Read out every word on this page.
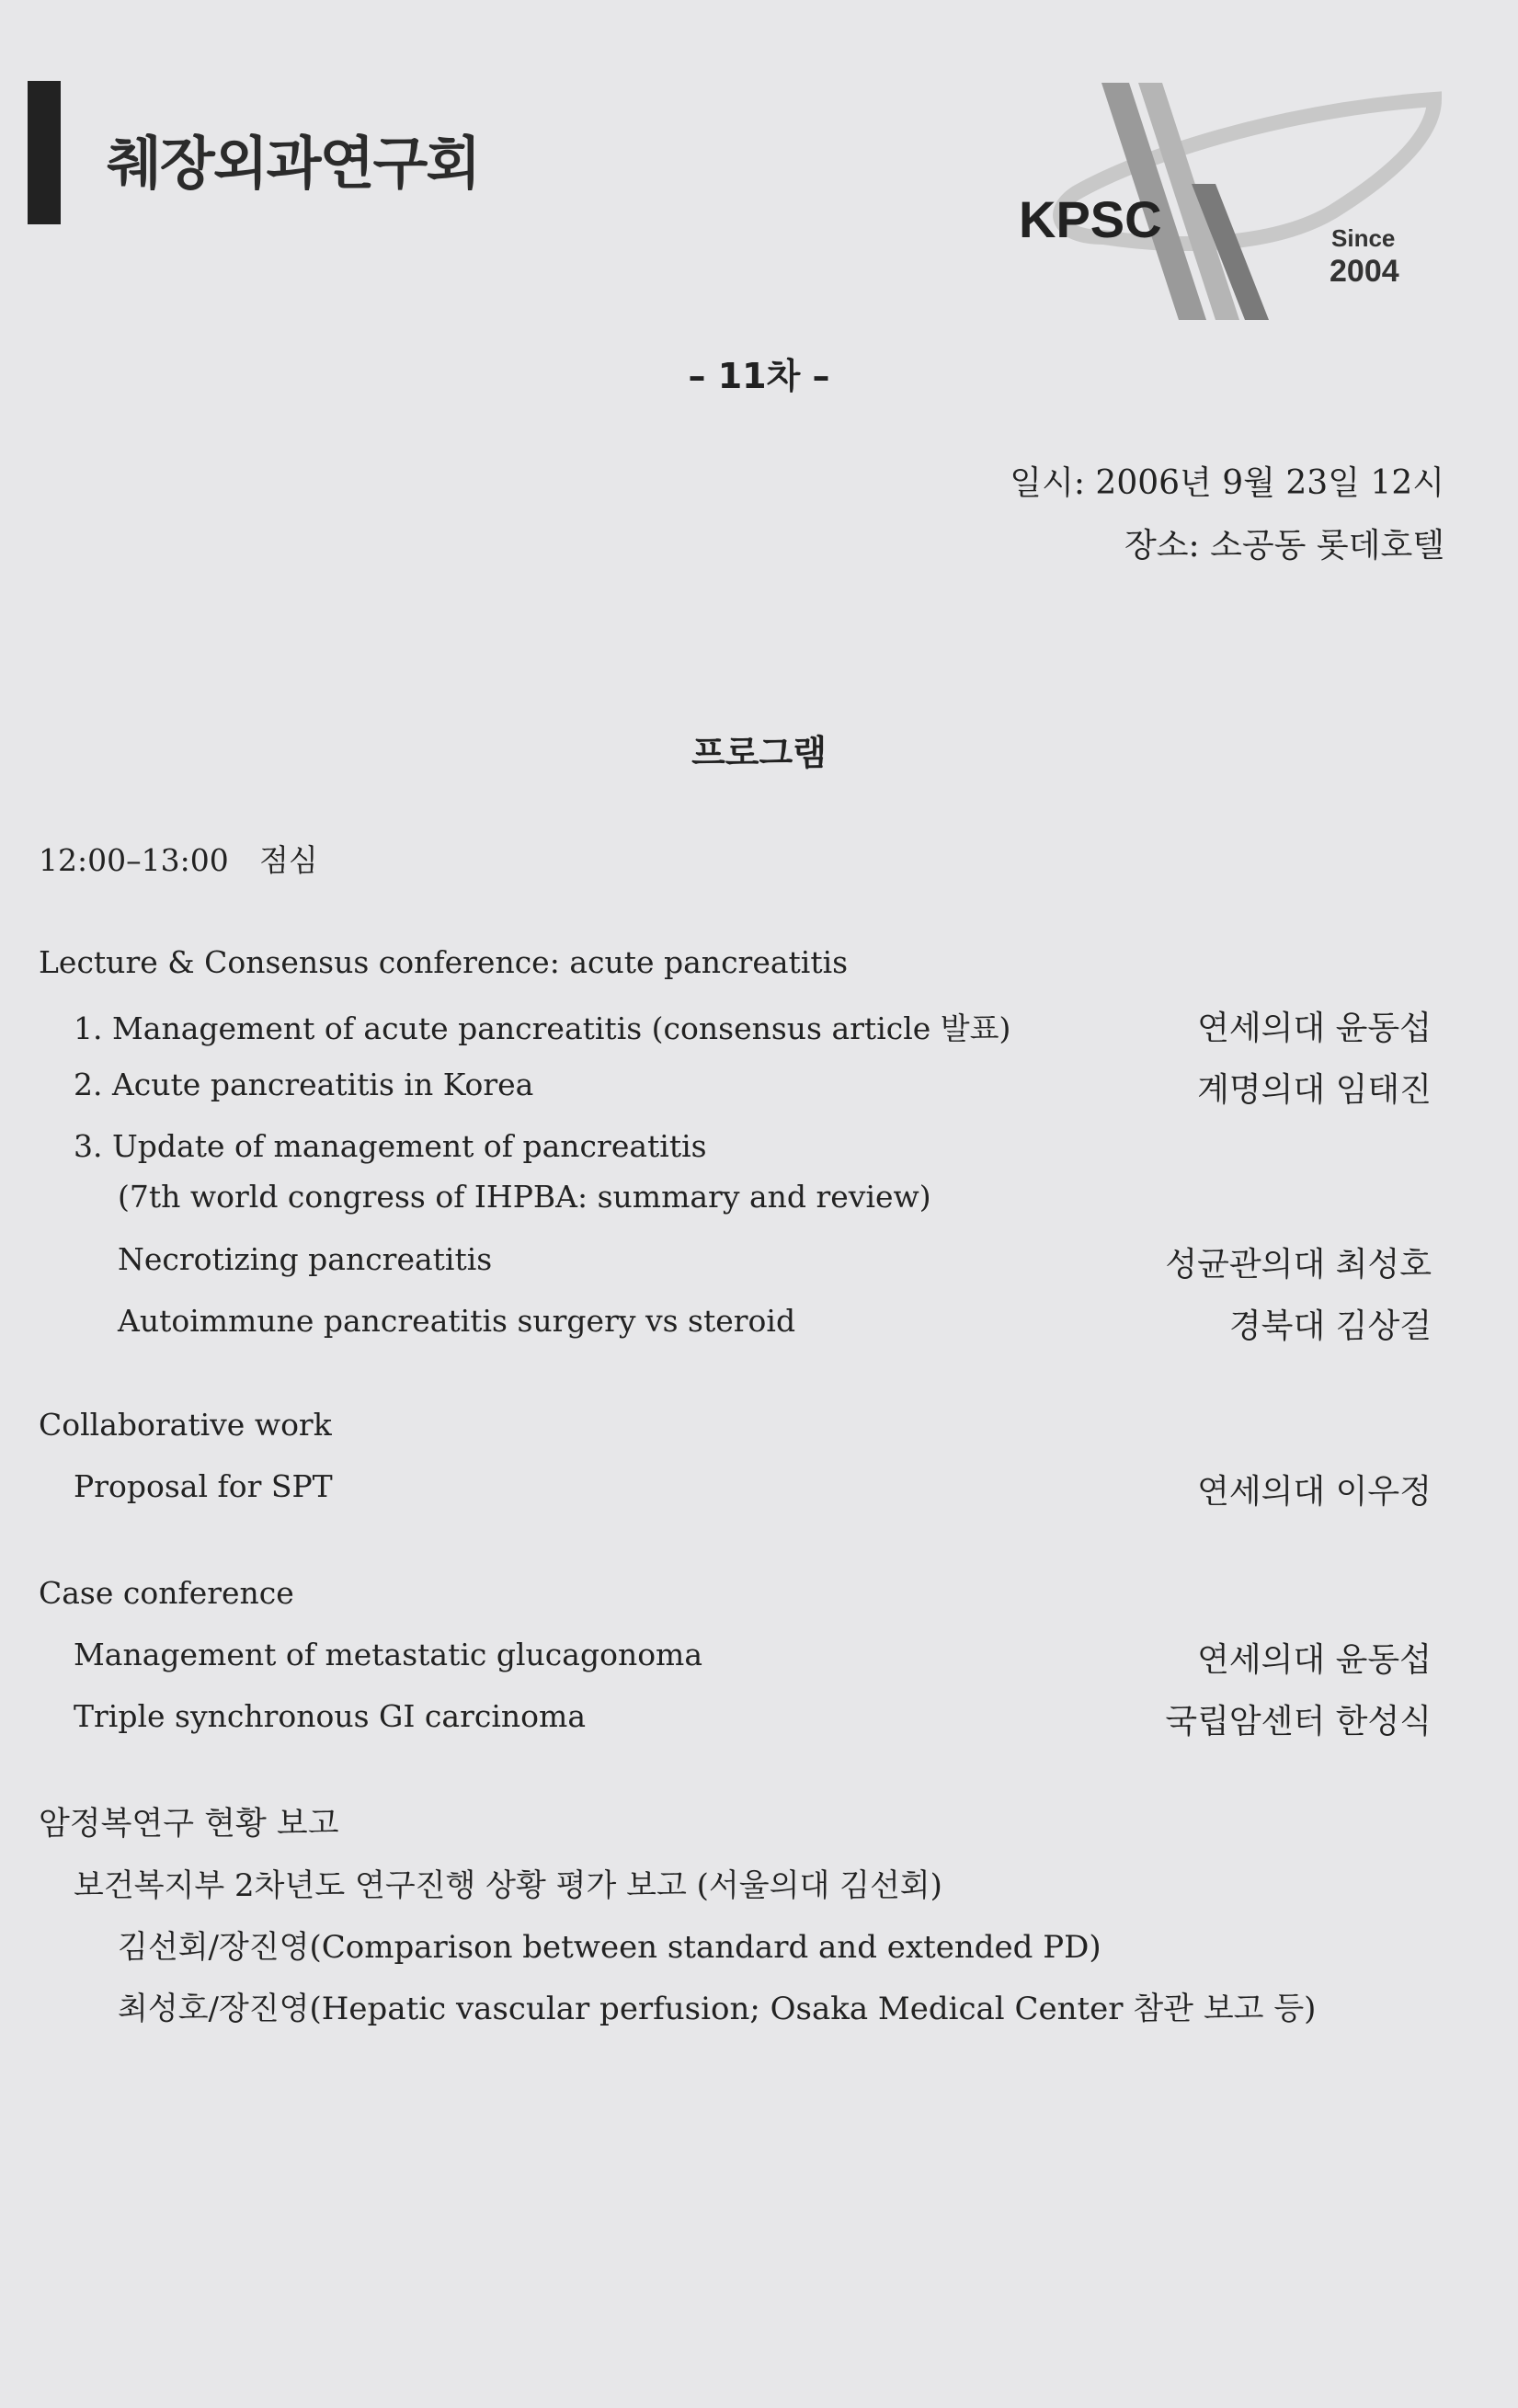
췌장외과연구회
KPSC	Since
2004
– 11차 –
일시: 2006년 9월 23일 12시
장소: 소공동 롯데호텔
프로그램
12:00–13:00 점심
Lecture & Consensus conference: acute pancreatitis
1. Management of acute pancreatitis (consensus article 발표)	연세의대 윤동섭
2. Acute pancreatitis in Korea	계명의대 임태진
3. Update of management of pancreatitis
(7th world congress of IHPBA: summary and review)
Necrotizing pancreatitis	성균관의대 최성호
Autoimmune pancreatitis surgery vs steroid	경북대 김상걸
Collaborative work
Proposal for SPT	연세의대 이우정
Case conference
Management of metastatic glucagonoma	연세의대 윤동섭
Triple synchronous GI carcinoma	국립암센터 한성식
암정복연구 현황 보고
보건복지부 2차년도 연구진행 상황 평가 보고 (서울의대 김선회)
김선회/장진영(Comparison between standard and extended PD)
최성호/장진영(Hepatic vascular perfusion; Osaka Medical Center 참관 보고 등)
